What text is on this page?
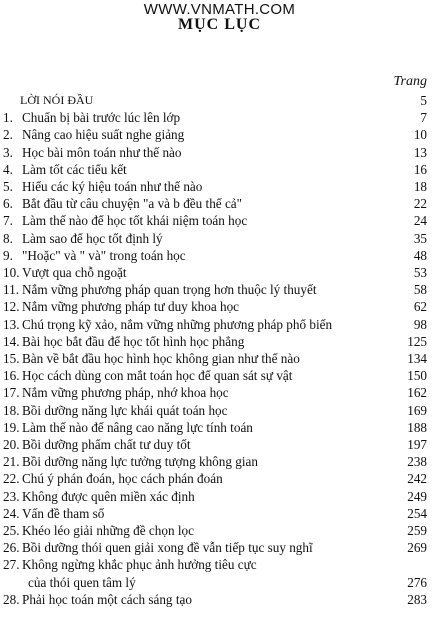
WWW.VNMATH.COM
MỤC LỤC
Trang
LỜI NÓI ĐẦU	5
1. Chuẩn bị bài trước lúc lên lớp	7
2. Nâng cao hiệu suất nghe giảng	10
3. Học bài môn toán như thế nào	13
4. Làm tốt các tiểu kết	16
5. Hiểu các ký hiệu toán như thế nào	18
6. Bắt đầu từ câu chuyện "a và b đều thế cả"	22
7. Làm thế nào để học tốt khái niệm toán học	24
8. Làm sao để học tốt định lý	35
9. "Hoặc" và " và" trong toán học	48
10. Vượt qua chỗ ngoặt	53
11. Nắm vững phương pháp quan trọng hơn thuộc lý thuyết	58
12. Nắm vững phương pháp tư duy khoa học	62
13. Chú trọng kỹ xảo, nắm vững những phương pháp phổ biến	98
14. Bài học bắt đầu để học tốt hình học phẳng	125
15. Bàn về bắt đầu học hình học không gian như thế nào	134
16. Học cách dùng con mắt toán học để quan sát sự vật	150
17. Nắm vững phương pháp, nhớ khoa học	162
18. Bồi dưỡng năng lực khái quát toán học	169
19. Làm thế nào để nâng cao năng lực tính toán	188
20. Bồi dưỡng phẩm chất tư duy tốt	197
21. Bồi dưỡng năng lực tưởng tượng không gian	238
22. Chú ý phán đoán, học cách phán đoán	242
23. Không được quên miền xác định	249
24. Vấn đề tham số	254
25. Khéo léo giải những đề chọn lọc	259
26. Bồi dưỡng thói quen giải xong đề vẫn tiếp tục suy nghĩ	269
27. Không ngừng khắc phục ảnh hưởng tiêu cực
của thói quen tâm lý	276
28. Phải học toán một cách sáng tạo	283
